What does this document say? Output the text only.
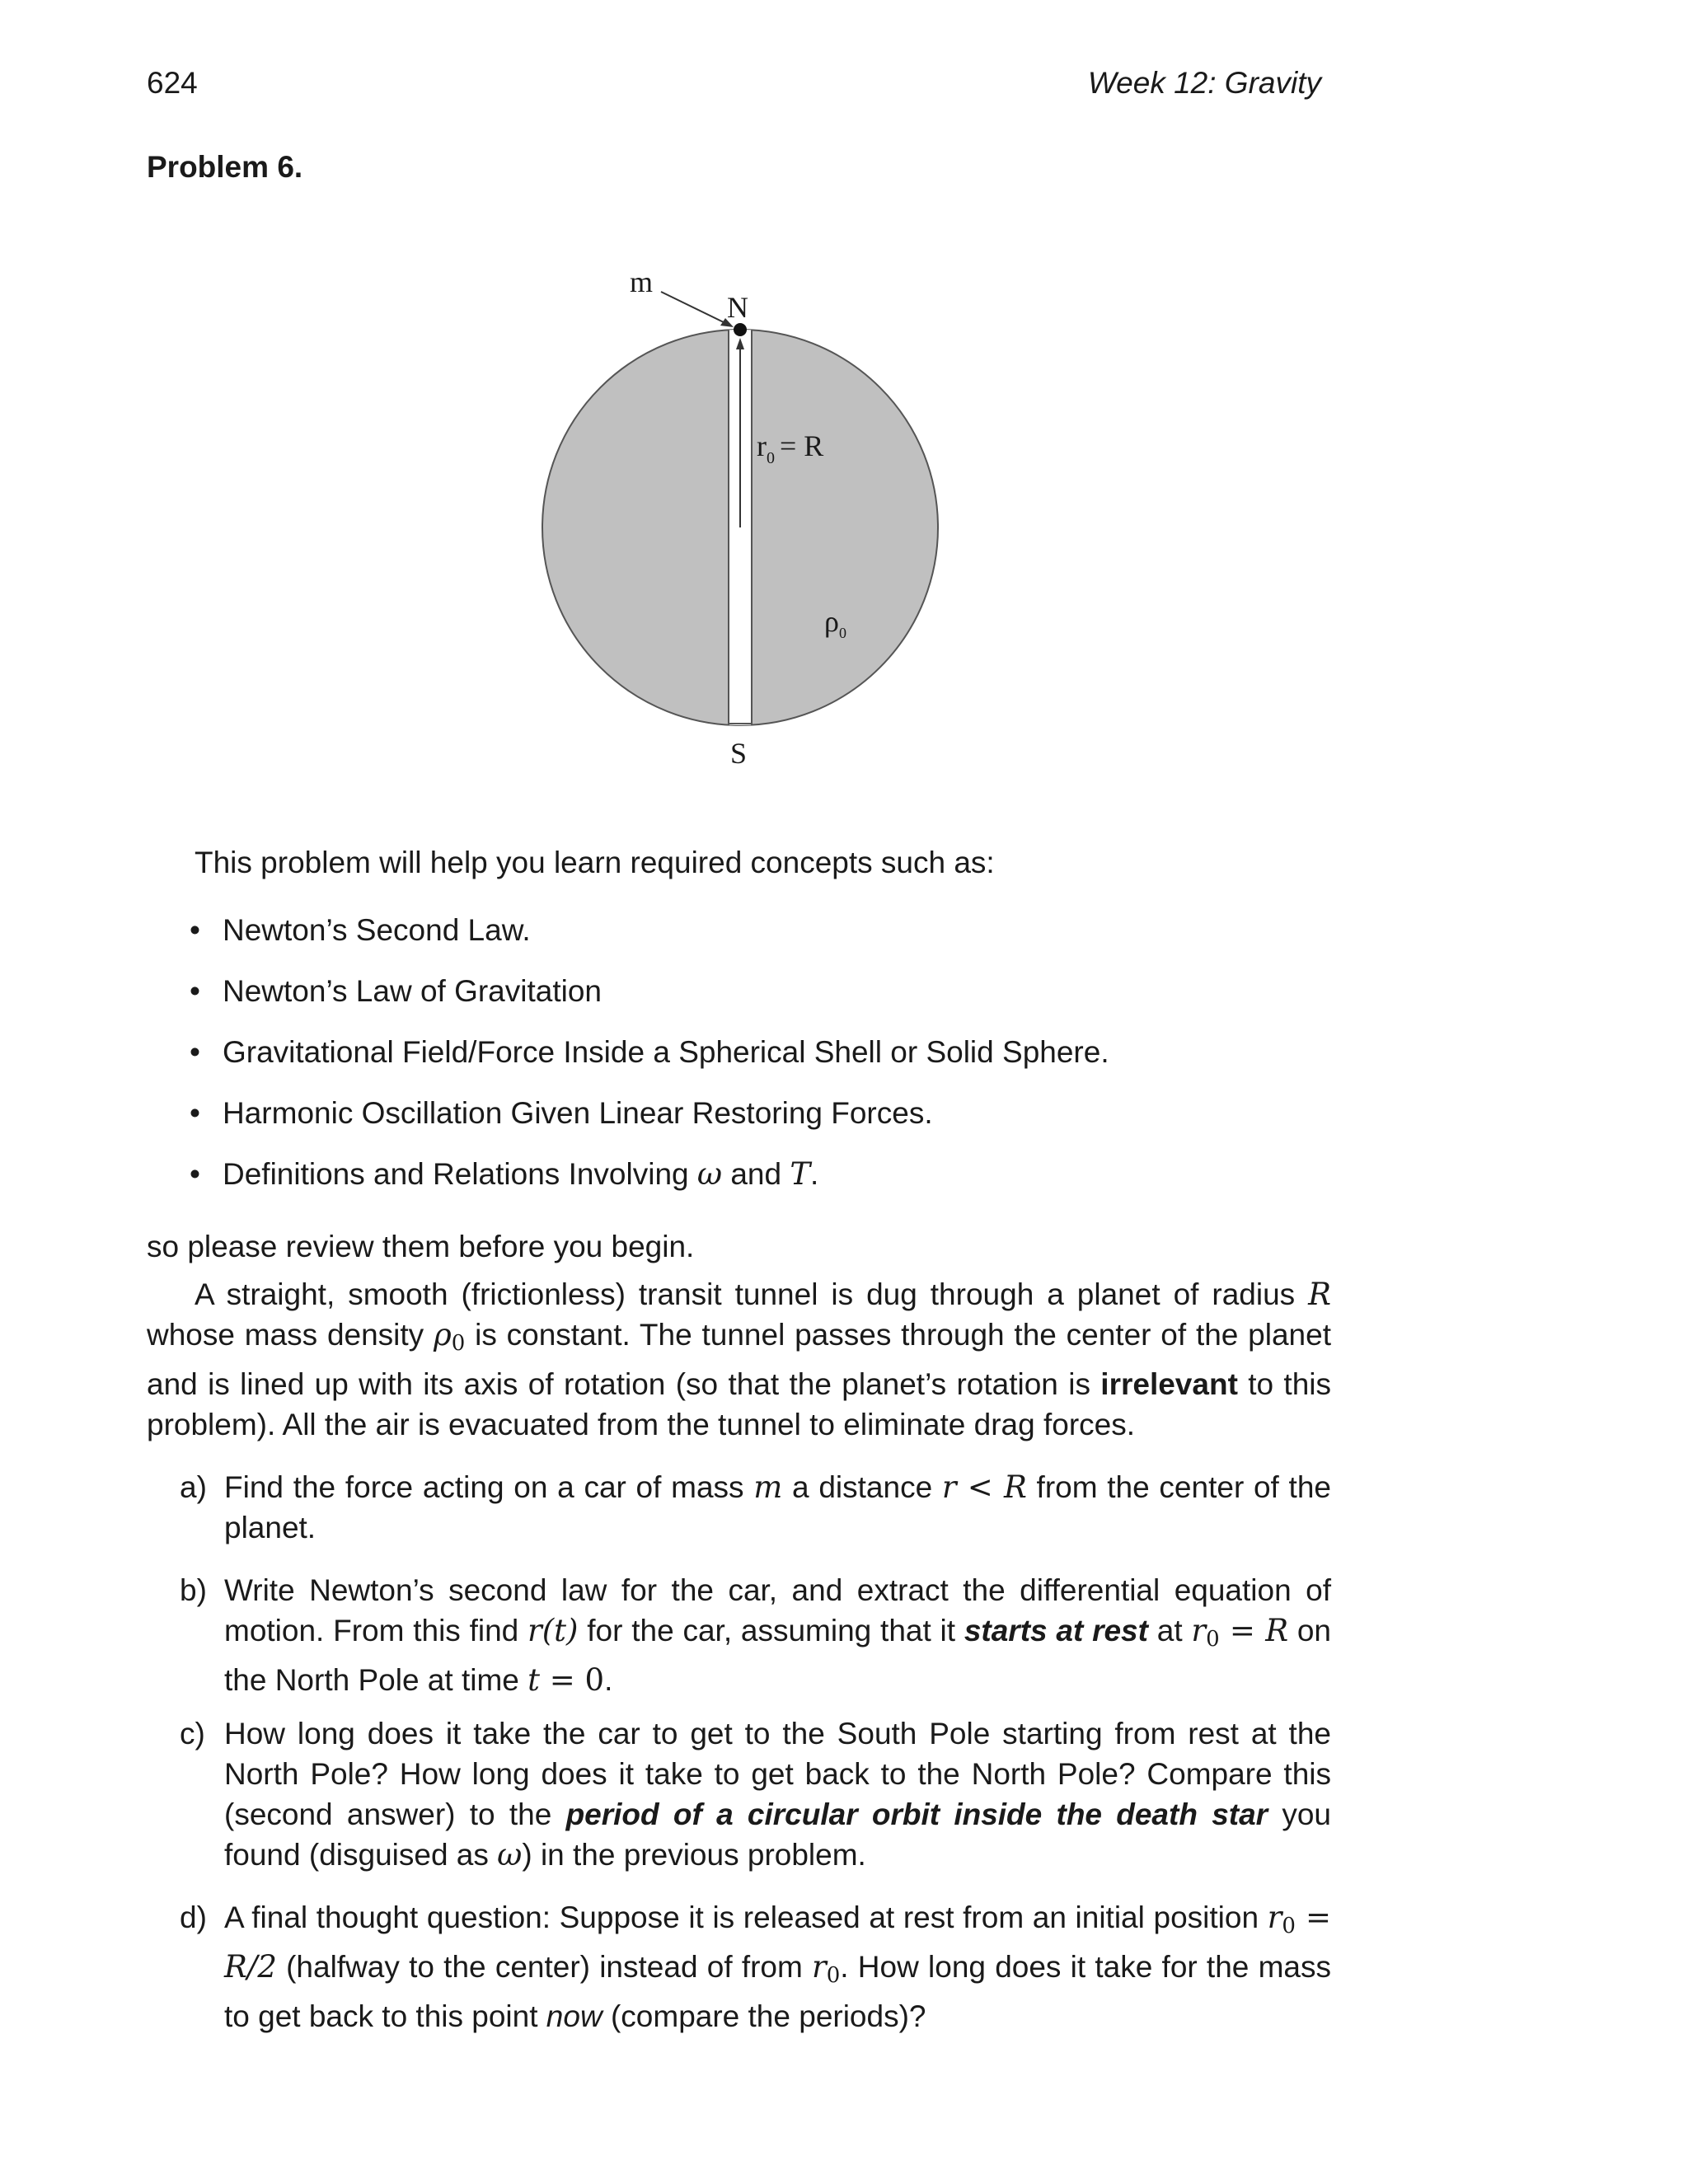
624	Week 12: Gravity
Problem 6.
m
N
S
r 0 = R
ρ 0
This problem will help you learn required concepts such as:
• Newton’s Second Law.
• Newton’s Law of Gravitation
• Gravitational Field/Force Inside a Spherical Shell or Solid Sphere.
• Harmonic Oscillation Given Linear Restoring Forces.
• Definitions and Relations Involving ω and T.
so please review them before you begin.
A straight, smooth (frictionless) transit tunnel is dug through a planet of radius R whose mass density $\rho_0$ is constant. The tunnel passes through the center of the planet and is lined up with its axis of rotation (so that the planet’s rotation is irrelevant to this problem). All the air is evacuated from the tunnel to eliminate drag forces.
a) Find the force acting on a car of mass m a distance r < R from the center of the planet.
b) Write Newton’s second law for the car, and extract the differential equation of motion. From this find r(t) for the car, assuming that it starts at rest at $r_0 = R$ on the North Pole at time t = 0.
c) How long does it take the car to get to the South Pole starting from rest at the North Pole? How long does it take to get back to the North Pole? Compare this (second answer) to the period of a circular orbit inside the death star you found (disguised as ω) in the previous problem.
d) A final thought question: Suppose it is released at rest from an initial position $r_0 = R/2$ (halfway to the center) instead of from $r_0$. How long does it take for the mass to get back to this point now (compare the periods)?
